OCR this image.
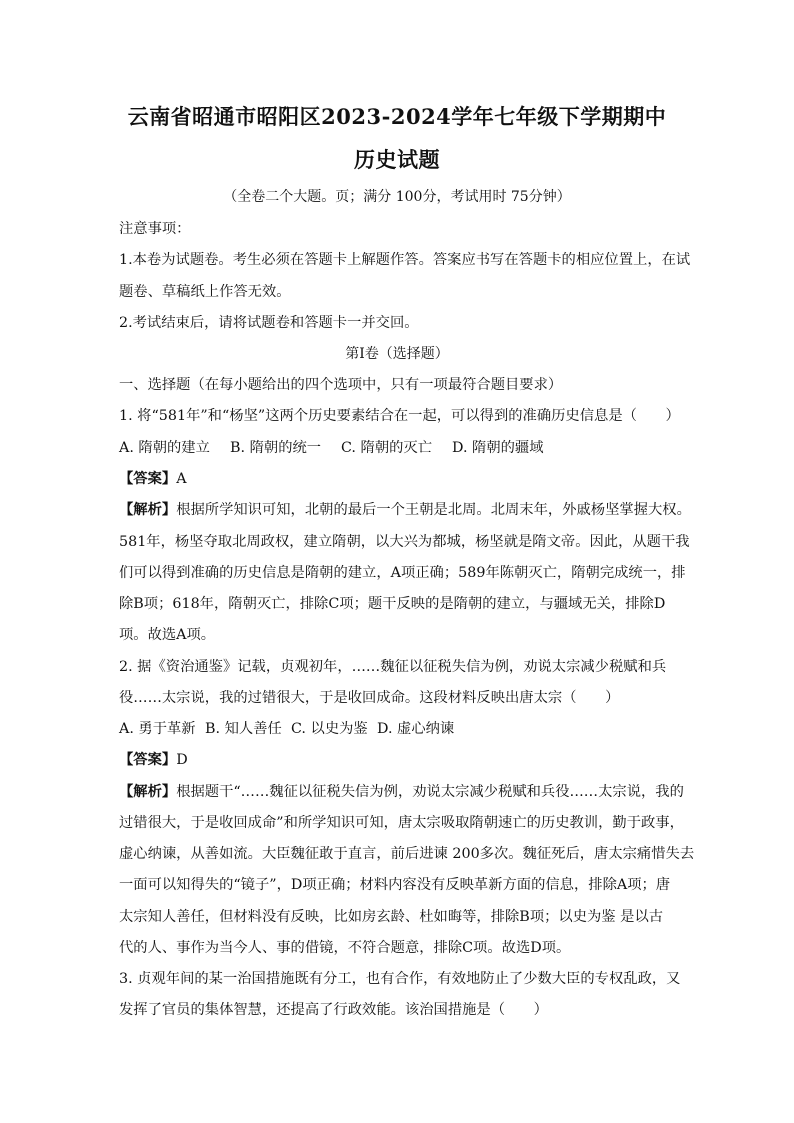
云南省昭通市昭阳区2023-2024学年七年级下学期期中
历史试题
（全卷二个大题。页；满分 100分，考试用时 75分钟）
注意事项：
1.本卷为试题卷。考生必须在答题卡上解题作答。答案应书写在答题卡的相应位置上，在试
题卷、草稿纸上作答无效。
2.考试结束后，请将试题卷和答题卡一并交回。
第Ⅰ卷（选择题）
一、选择题（在每小题给出的四个选项中，只有一项最符合题目要求）
1. 将“581年”和“杨坚”这两个历史要素结合在一起，可以得到的准确历史信息是（　　）
A. 隋朝的建立 B. 隋朝的统一 C. 隋朝的灭亡 D. 隋朝的疆域
【答案】A
【解析】根据所学知识可知，北朝的最后一个王朝是北周。北周末年，外戚杨坚掌握大权。
581年，杨坚夺取北周政权，建立隋朝，以大兴为都城，杨坚就是隋文帝。因此，从题干我
们可以得到准确的历史信息是隋朝的建立，A项正确；589年陈朝灭亡，隋朝完成统一，排
除B项；618年，隋朝灭亡，排除C项；题干反映的是隋朝的建立，与疆域无关，排除D
项。故选A项。
2. 据《资治通鉴》记载，贞观初年，……魏征以征税失信为例，劝说太宗减少税赋和兵
役……太宗说，我的过错很大，于是收回成命。这段材料反映出唐太宗（　　）
A. 勇于革新 B. 知人善任 C. 以史为鉴 D. 虚心纳谏
【答案】D
【解析】根据题干“……魏征以征税失信为例，劝说太宗减少税赋和兵役……太宗说，我的
过错很大，于是收回成命”和所学知识可知，唐太宗吸取隋朝速亡的历史教训，勤于政事，
虚心纳谏，从善如流。大臣魏征敢于直言，前后进谏 200多次。魏征死后，唐太宗痛惜失去
一面可以知得失的“镜子”，D项正确；材料内容没有反映革新方面的信息，排除A项；唐
太宗知人善任，但材料没有反映，比如房玄龄、杜如晦等，排除B项；以史为鉴 是以古
代的人、事作为当今人、事的借镜，不符合题意，排除C项。故选D项。
3. 贞观年间的某一治国措施既有分工，也有合作，有效地防止了少数大臣的专权乱政，又
发挥了官员的集体智慧，还提高了行政效能。该治国措施是（　　）
